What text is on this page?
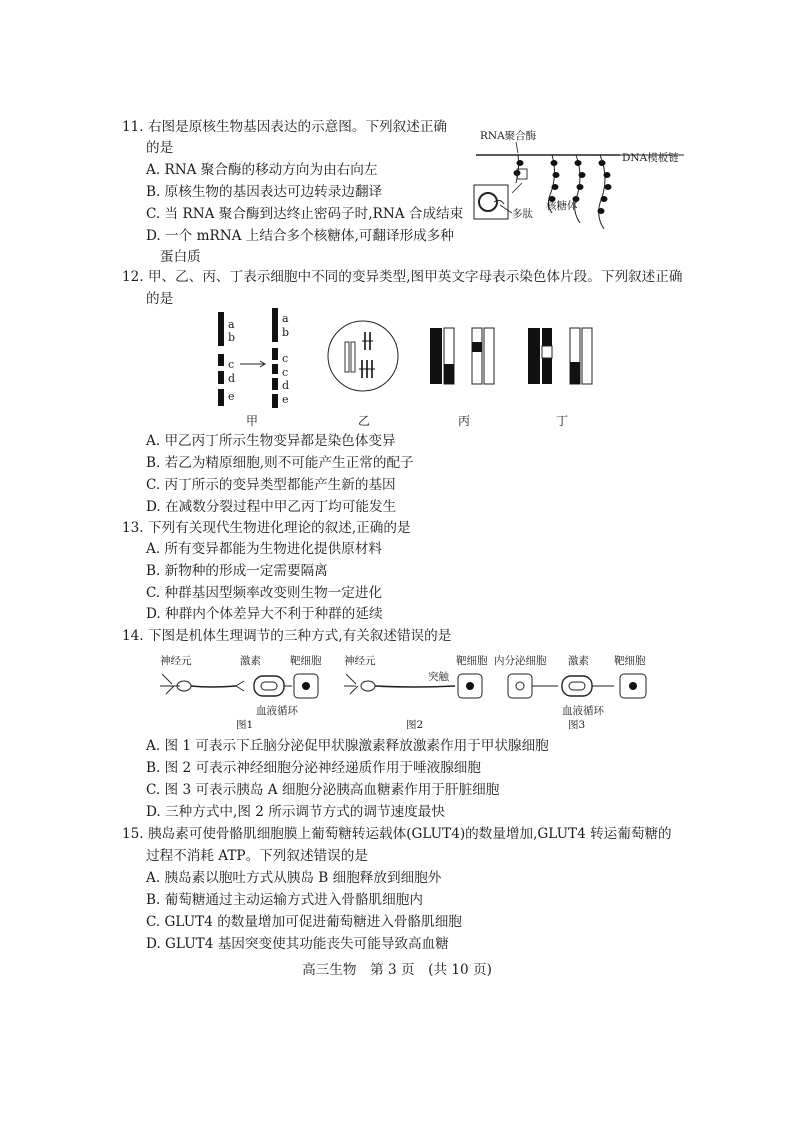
11. 右图是原核生物基因表达的示意图。下列叙述正确
的是
A. RNA 聚合酶的移动方向为由右向左
B. 原核生物的基因表达可边转录边翻译
C. 当 RNA 聚合酶到达终止密码子时,RNA 合成结束
D. 一个 mRNA 上结合多个核糖体,可翻译形成多种
蛋白质
RNA聚合酶
DNA模板链
多肽
核糖体
12. 甲、乙、丙、丁表示细胞中不同的变异类型,图甲英文字母表示染色体片段。下列叙述正确
的是
a
b
c
d
e
a
b
c
c
d
e
甲	乙	丙	丁
A. 甲乙丙丁所示生物变异都是染色体变异
B. 若乙为精原细胞,则不可能产生正常的配子
C. 丙丁所示的变异类型都能产生新的基因
D. 在减数分裂过程中甲乙丙丁均可能发生
13. 下列有关现代生物进化理论的叙述,正确的是
A. 所有变异都能为生物进化提供原材料
B. 新物种的形成一定需要隔离
C. 种群基因型频率改变则生物一定进化
D. 种群内个体差异大不利于种群的延续
14. 下图是机体生理调节的三种方式,有关叙述错误的是
神经元	激素	靶细胞
血液循环
图1
神经元
突触
靶细胞
图2
内分泌细胞 激素 靶细胞
血液循环
图3
A. 图 1 可表示下丘脑分泌促甲状腺激素释放激素作用于甲状腺细胞
B. 图 2 可表示神经细胞分泌神经递质作用于唾液腺细胞
C. 图 3 可表示胰岛 A 细胞分泌胰高血糖素作用于肝脏细胞
D. 三种方式中,图 2 所示调节方式的调节速度最快
15. 胰岛素可使骨骼肌细胞膜上葡萄糖转运载体(GLUT4)的数量增加,GLUT4 转运葡萄糖的
过程不消耗 ATP。下列叙述错误的是
A. 胰岛素以胞吐方式从胰岛 B 细胞释放到细胞外
B. 葡萄糖通过主动运输方式进入骨骼肌细胞内
C. GLUT4 的数量增加可促进葡萄糖进入骨骼肌细胞
D. GLUT4 基因突变使其功能丧失可能导致高血糖
高三生物　第 3 页　(共 10 页)
